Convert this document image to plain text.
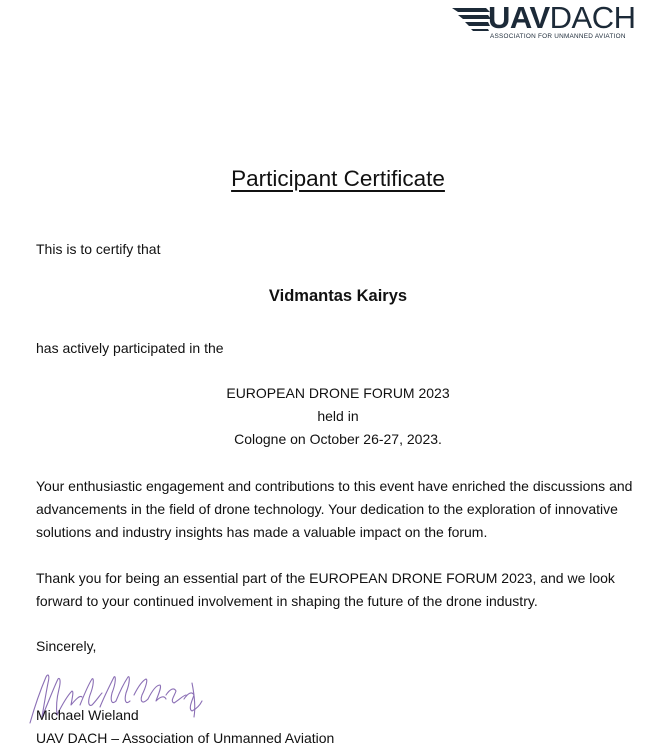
UAVDACH
ASSOCIATION FOR UNMANNED AVIATION
Participant Certificate
This is to certify that
Vidmantas Kairys
has actively participated in the
EUROPEAN DRONE FORUM 2023
held in
Cologne on October 26-27, 2023.
Your enthusiastic engagement and contributions to this event have enriched the discussions and advancements in the field of drone technology. Your dedication to the exploration of innovative solutions and industry insights has made a valuable impact on the forum.
Thank you for being an essential part of the EUROPEAN DRONE FORUM 2023, and we look forward to your continued involvement in shaping the future of the drone industry.
Sincerely,
Michael Wieland
UAV DACH – Association of Unmanned Aviation
